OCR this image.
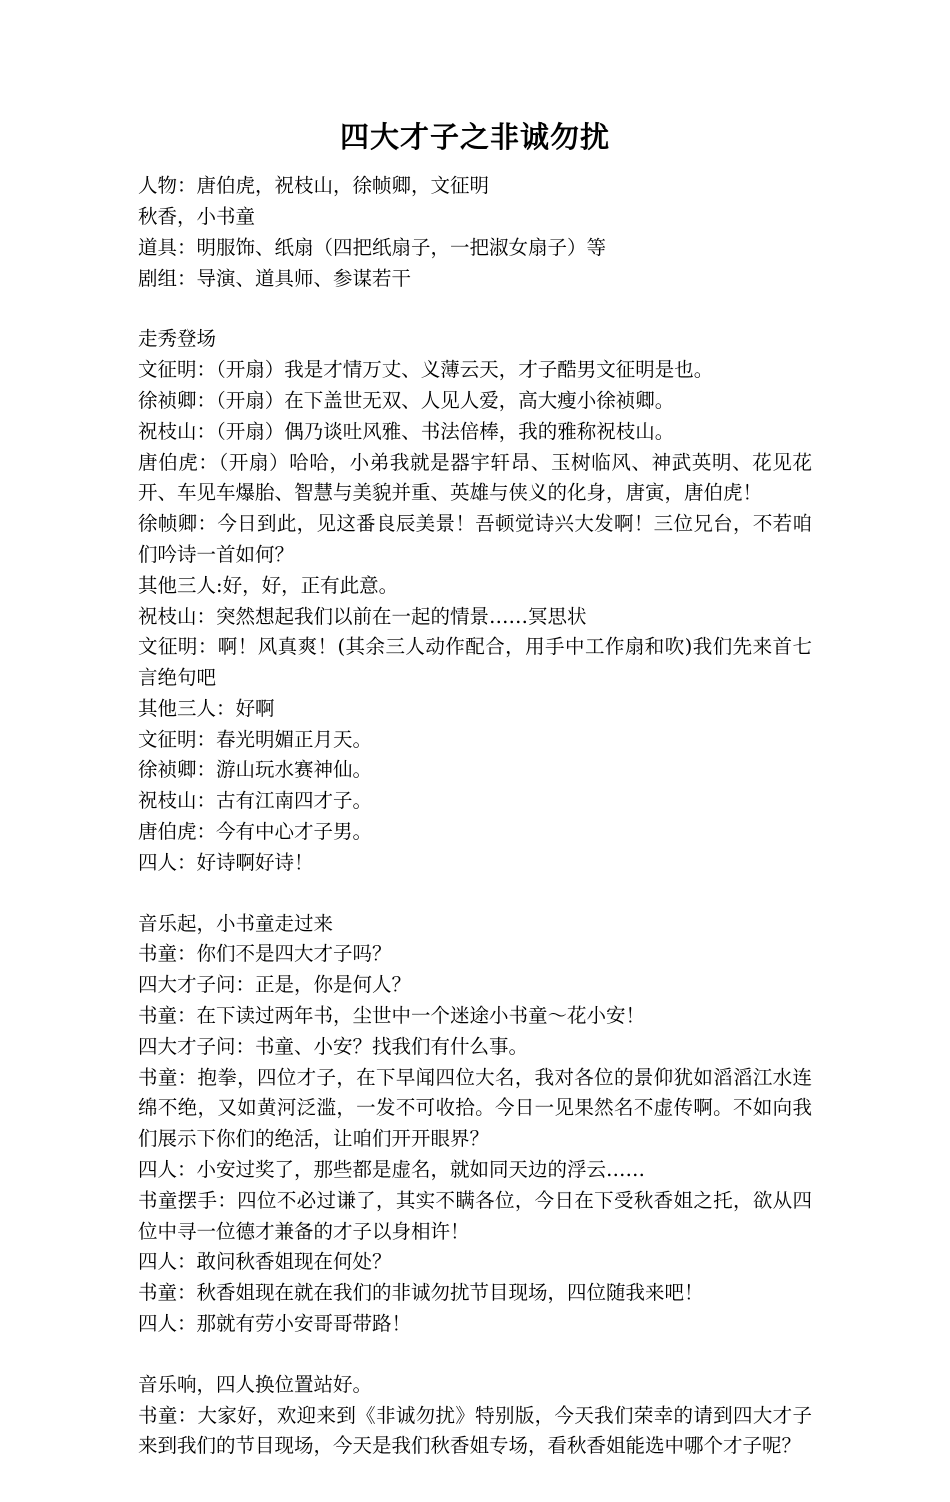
四大才子之非诚勿扰

人物：唐伯虎，祝枝山，徐帧卿，文征明

秋香，小书童

道具：明服饰、纸扇（四把纸扇子，一把淑女扇子）等

剧组：导演、道具师、参谋若干

走秀登场

文征明：（开扇）我是才情万丈、义薄云天，才子酷男文征明是也。

徐祯卿：（开扇）在下盖世无双、人见人爱，高大瘦小徐祯卿。

祝枝山：（开扇）偶乃谈吐风雅、书法倍棒，我的雅称祝枝山。

唐伯虎：（开扇）哈哈，小弟我就是器宇轩昂、玉树临风、神武英明、花见花开、车见车爆胎、智慧与美貌并重、英雄与侠义的化身，唐寅，唐伯虎！

徐帧卿：今日到此，见这番良辰美景！吾顿觉诗兴大发啊！三位兄台，不若咱们吟诗一首如何？

其他三人:好，好，正有此意。

祝枝山：突然想起我们以前在一起的情景……冥思状

文征明：啊！风真爽！(其余三人动作配合，用手中工作扇和吹)我们先来首七言绝句吧

其他三人：好啊

文征明：春光明媚正月天。

徐祯卿：游山玩水赛神仙。

祝枝山：古有江南四才子。

唐伯虎：今有中心才子男。

四人：好诗啊好诗！

音乐起，小书童走过来

书童：你们不是四大才子吗？

四大才子问：正是，你是何人？

书童：在下读过两年书，尘世中一个迷途小书童～花小安！

四大才子问：书童、小安？找我们有什么事。

书童：抱拳，四位才子，在下早闻四位大名，我对各位的景仰犹如滔滔江水连绵不绝，又如黄河泛滥，一发不可收拾。今日一见果然名不虚传啊。不如向我们展示下你们的绝活，让咱们开开眼界？

四人：小安过奖了，那些都是虚名，就如同天边的浮云……

书童摆手：四位不必过谦了，其实不瞒各位，今日在下受秋香姐之托，欲从四位中寻一位德才兼备的才子以身相许！

四人：敢问秋香姐现在何处？

书童：秋香姐现在就在我们的非诚勿扰节目现场，四位随我来吧！

四人：那就有劳小安哥哥带路！

音乐响，四人换位置站好。

书童：大家好，欢迎来到《非诚勿扰》特别版，今天我们荣幸的请到四大才子来到我们的节目现场，今天是我们秋香姐专场，看秋香姐能选中哪个才子呢？
